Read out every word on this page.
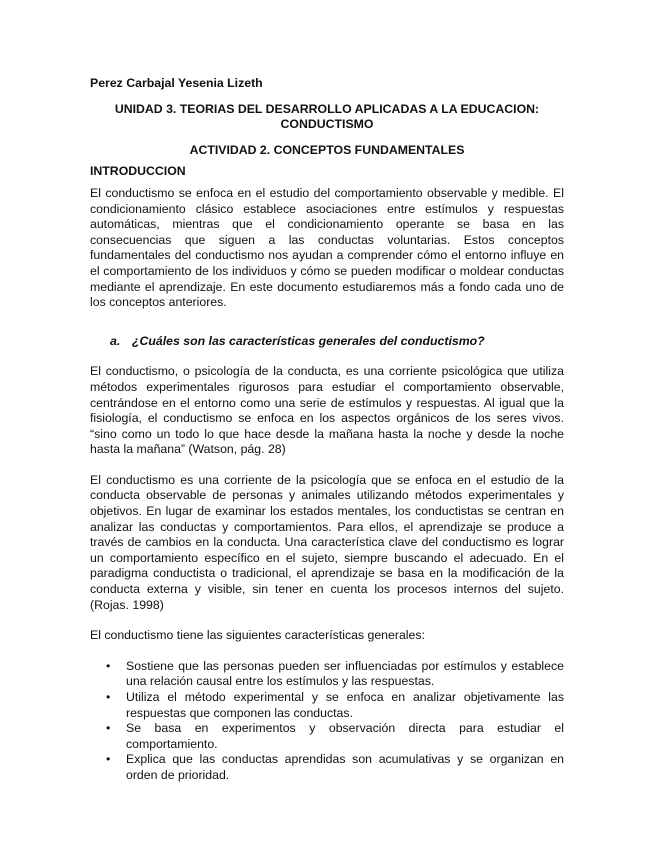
Perez Carbajal Yesenia Lizeth

UNIDAD 3. TEORIAS DEL DESARROLLO APLICADAS A LA EDUCACION: CONDUCTISMO

ACTIVIDAD 2. CONCEPTOS FUNDAMENTALES

INTRODUCCION

El conductismo se enfoca en el estudio del comportamiento observable y medible. El condicionamiento clásico establece asociaciones entre estímulos y respuestas automáticas, mientras que el condicionamiento operante se basa en las consecuencias que siguen a las conductas voluntarias. Estos conceptos fundamentales del conductismo nos ayudan a comprender cómo el entorno influye en el comportamiento de los individuos y cómo se pueden modificar o moldear conductas mediante el aprendizaje. En este documento estudiaremos más a fondo cada uno de los conceptos anteriores.

a. ¿Cuáles son las características generales del conductismo?

El conductismo, o psicología de la conducta, es una corriente psicológica que utiliza métodos experimentales rigurosos para estudiar el comportamiento observable, centrándose en el entorno como una serie de estímulos y respuestas. Al igual que la fisiología, el conductismo se enfoca en los aspectos orgánicos de los seres vivos. “sino como un todo lo que hace desde la mañana hasta la noche y desde la noche hasta la mañana” (Watson, pág. 28)

El conductismo es una corriente de la psicología que se enfoca en el estudio de la conducta observable de personas y animales utilizando métodos experimentales y objetivos. En lugar de examinar los estados mentales, los conductistas se centran en analizar las conductas y comportamientos. Para ellos, el aprendizaje se produce a través de cambios en la conducta. Una característica clave del conductismo es lograr un comportamiento específico en el sujeto, siempre buscando el adecuado. En el paradigma conductista o tradicional, el aprendizaje se basa en la modificación de la conducta externa y visible, sin tener en cuenta los procesos internos del sujeto. (Rojas. 1998)

El conductismo tiene las siguientes características generales:

•	Sostiene que las personas pueden ser influenciadas por estímulos y establece una relación causal entre los estímulos y las respuestas.
•	Utiliza el método experimental y se enfoca en analizar objetivamente las respuestas que componen las conductas.
•	Se basa en experimentos y observación directa para estudiar el comportamiento.
•	Explica que las conductas aprendidas son acumulativas y se organizan en orden de prioridad.
